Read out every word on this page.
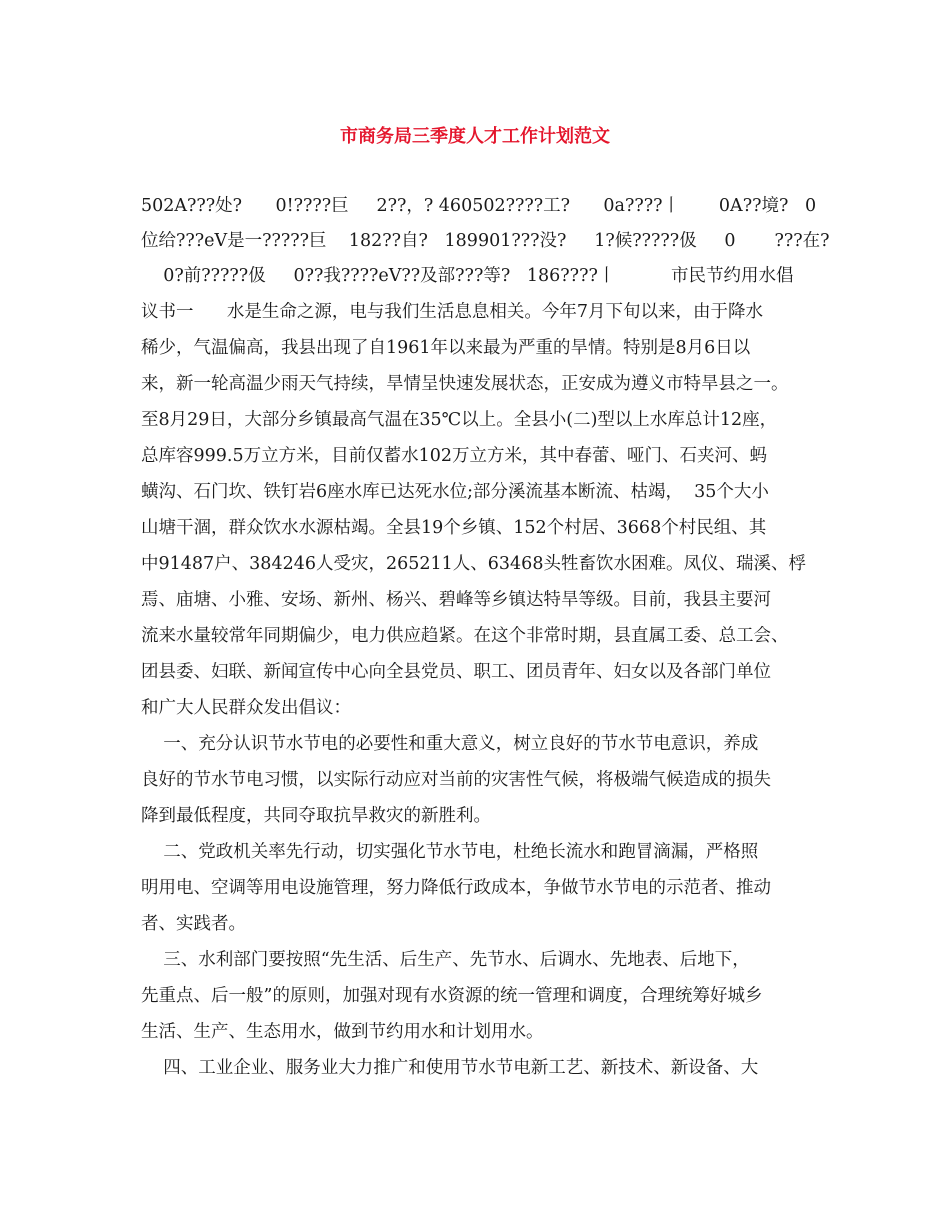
市商务局三季度人才工作计划范文
502A???处?      0!????巨     2??，? 460502????工?      0a????丨       0A??境?   0
位给???eV是一?????巨    182??自?   189901???没?     1?候?????伋     0       ???在?
0?前?????伋     0??我????eV??及部???等?   186????丨          市民节约用水倡
议书一      水是生命之源，电与我们生活息息相关。今年7月下旬以来，由于降水
稀少，气温偏高，我县出现了自1961年以来最为严重的旱情。特别是8月6日以
来，新一轮高温少雨天气持续，旱情呈快速发展状态，正安成为遵义市特旱县之一。
至8月29日，大部分乡镇最高气温在35℃以上。全县小(二)型以上水库总计12座，
总库容999.5万立方米，目前仅蓄水102万立方米，其中春蕾、哑门、石夹河、蚂
蟥沟、石门坎、铁钉岩6座水库已达死水位;部分溪流基本断流、枯竭，  35个大小
山塘干涸，群众饮水水源枯竭。全县19个乡镇、152个村居、3668个村民组、其
中91487户、384246人受灾，265211人、63468头牲畜饮水困难。凤仪、瑞溪、桴
焉、庙塘、小雅、安场、新州、杨兴、碧峰等乡镇达特旱等级。目前，我县主要河
流来水量较常年同期偏少，电力供应趋紧。在这个非常时期，县直属工委、总工会、
团县委、妇联、新闻宣传中心向全县党员、职工、团员青年、妇女以及各部门单位
和广大人民群众发出倡议：
一、充分认识节水节电的必要性和重大意义，树立良好的节水节电意识，养成
良好的节水节电习惯，以实际行动应对当前的灾害性气候，将极端气候造成的损失
降到最低程度，共同夺取抗旱救灾的新胜利。
二、党政机关率先行动，切实强化节水节电，杜绝长流水和跑冒滴漏，严格照
明用电、空调等用电设施管理，努力降低行政成本，争做节水节电的示范者、推动
者、实践者。
三、水利部门要按照“先生活、后生产、先节水、后调水、先地表、后地下，
先重点、后一般”的原则，加强对现有水资源的统一管理和调度，合理统筹好城乡
生活、生产、生态用水，做到节约用水和计划用水。
四、工业企业、服务业大力推广和使用节水节电新工艺、新技术、新设备、大
